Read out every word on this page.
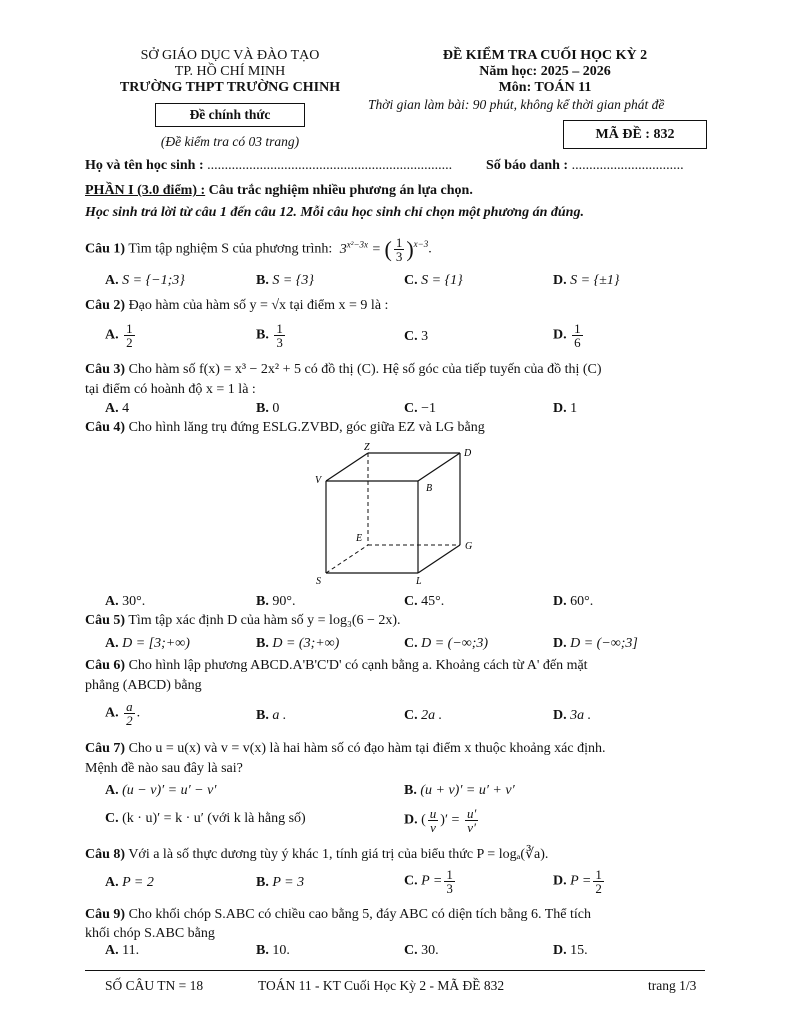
SỞ GIÁO DỤC VÀ ĐÀO TẠO
TP. HỒ CHÍ MINH
TRƯỜNG THPT TRƯỜNG CHINH
Đề chính thức
(Đề kiểm tra có 03 trang)
ĐỀ KIỂM TRA CUỐI HỌC KỲ 2
Năm học: 2025 – 2026
Môn: TOÁN 11
Thời gian làm bài: 90 phút, không kể thời gian phát đề
MÃ ĐỀ : 832
Họ và tên học sinh : ...................................................................... Số báo danh : ................................
PHẦN I (3.0 điểm) : Câu trắc nghiệm nhiều phương án lựa chọn.
Học sinh trả lời từ câu 1 đến câu 12. Mỗi câu học sinh chỉ chọn một phương án đúng.
Câu 1) Tìm tập nghiệm S của phương trình: $3^{x^2-3x}$ = ( $\frac{1}{3} )^{x-3}$.
A. S = {−1;3}	B. S = {3}	C. S = {1}	D. S = {±1}
Câu 2) Đạo hàm của hàm số y = √x tại điểm x = 9 là :
A. $\frac{1}{2}$	B. $\frac{1}{3}$	C. 3	D. $\frac{1}{6}$
Câu 3) Cho hàm số f(x) = x³ − 2x² + 5 có đồ thị (C). Hệ số góc của tiếp tuyến của đồ thị (C)
tại điểm có hoành độ x = 1 là :
A. 4	B. 0	C. −1	D. 1
Câu 4) Cho hình lăng trụ đứng ESLG.ZVBD, góc giữa EZ và LG bằng
Z
D
V
B
E
G
S	L
A. 30°.	B. 90°.	C. 45°.	D. 60°.
Câu 5) Tìm tập xác định D của hàm số y = log₃(6 − 2x).
A. D = [3;+∞)	B. D = (3;+∞)	C. D = (−∞;3)	D. D = (−∞;3]
Câu 6) Cho hình lập phương ABCD.A'B'C'D' có cạnh bằng a. Khoảng cách từ A' đến mặt
phẳng (ABCD) bằng
A. $\frac{a}{2}$ .	B. a .	C. 2a .	D. 3a .
Câu 7) Cho u = u(x) và v = v(x) là hai hàm số có đạo hàm tại điểm x thuộc khoảng xác định.
Mệnh đề nào sau đây là sai?
A. (u − v)′ = u′ − v′	B. (u + v)′ = u′ + v′
C. (k · u)′ = k · u′ (với k là hằng số)	D. ( $\frac{u}{v}$ )′ = $\frac{u'}{v'}$
Câu 8) Với a là số thực dương tùy ý khác 1, tính giá trị của biểu thức P = logₐ(∛a).
A. P = 2	B. P = 3	C. $P = \frac{1}{3}$	D. $P = \frac{1}{2}$
Câu 9) Cho khối chóp S.ABC có chiều cao bằng 5, đáy ABC có diện tích bằng 6. Thể tích
khối chóp S.ABC bằng
A. 11.	B. 10.	C. 30.	D. 15.
SỐ CÂU TN = 18	TOÁN 11 - KT Cuối Học Kỳ 2 - MÃ ĐỀ 832	trang 1/3
